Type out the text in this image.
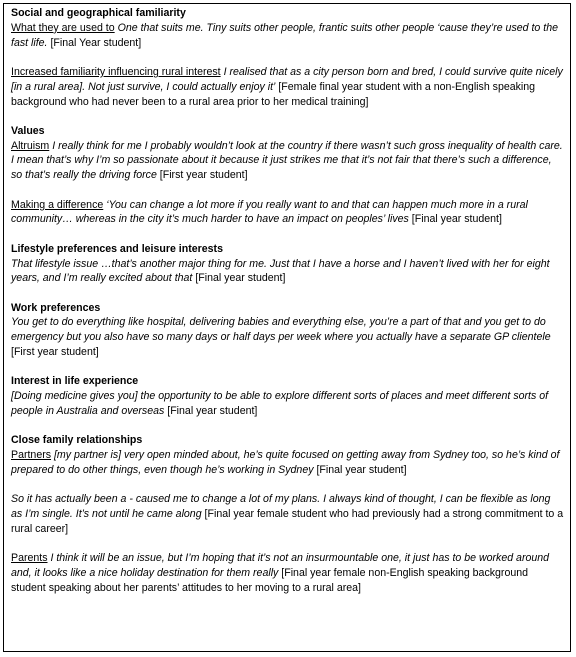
Social and geographical familiarity

What they are used to One that suits me. Tiny suits other people, frantic suits other people ‘cause they’re used to the fast life. [Final Year student]

Increased familiarity influencing rural interest I realised that as a city person born and bred, I could survive quite nicely [in a rural area]. Not just survive, I could actually enjoy it’ [Female final year student with a non-English speaking background who had never been to a rural area prior to her medical training]

Values

Altruism I really think for me I probably wouldn’t look at the country if there wasn’t such gross inequality of health care. I mean that’s why I’m so passionate about it because it just strikes me that it’s not fair that there’s such a difference, so that’s really the driving force [First year student]

Making a difference ‘You can change a lot more if you really want to and that can happen much more in a rural community… whereas in the city it’s much harder to have an impact on peoples’ lives [Final year student]

Lifestyle preferences and leisure interests

That lifestyle issue …that’s another major thing for me. Just that I have a horse and I haven’t lived with her for eight years, and I’m really excited about that [Final year student]

Work preferences

You get to do everything like hospital, delivering babies and everything else, you’re a part of that and you get to do emergency but you also have so many days or half days per week where you actually have a separate GP clientele [First year student]

Interest in life experience

[Doing medicine gives you] the opportunity to be able to explore different sorts of places and meet different sorts of people in Australia and overseas [Final year student]

Close family relationships

Partners [my partner is] very open minded about, he’s quite focused on getting away from Sydney too, so he’s kind of prepared to do other things, even though he’s working in Sydney [Final year student]

So it has actually been a - caused me to change a lot of my plans. I always kind of thought, I can be flexible as long as I’m single. It’s not until he came along [Final year female student who had previously had a strong commitment to a rural career]

Parents I think it will be an issue, but I’m hoping that it’s not an insurmountable one, it just has to be worked around and, it looks like a nice holiday destination for them really [Final year female non-English speaking background student speaking about her parents’ attitudes to her moving to a rural area]
